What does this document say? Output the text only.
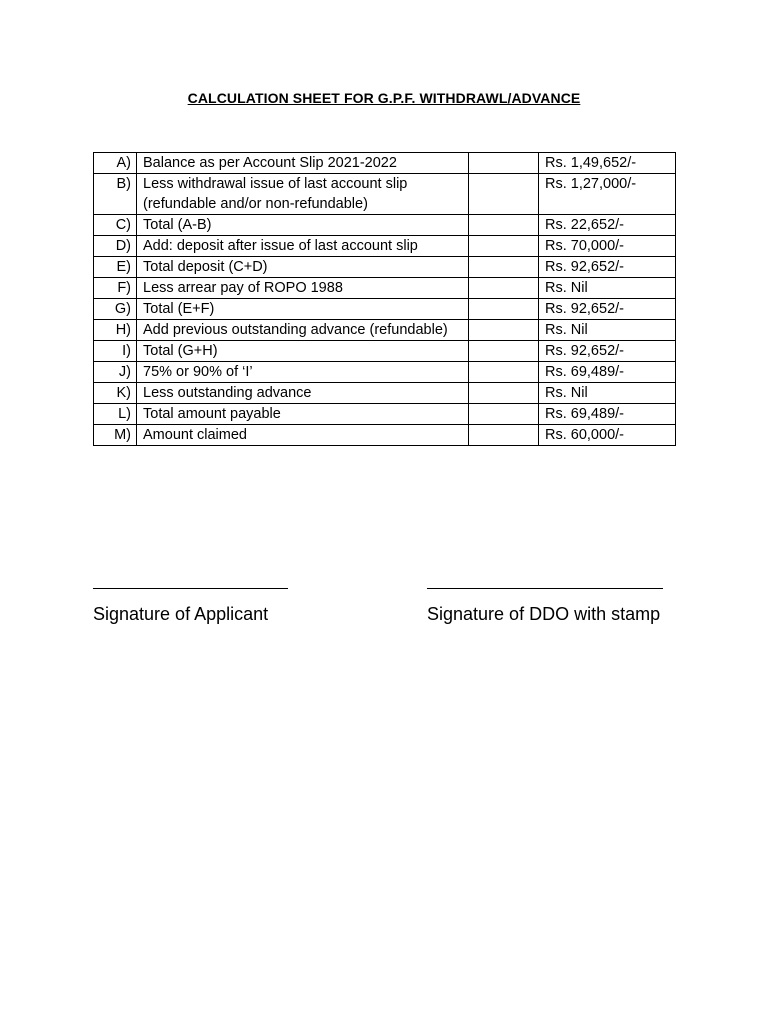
CALCULATION SHEET FOR G.P.F. WITHDRAWL/ADVANCE
A)	Balance as per Account Slip 2021-2022		Rs. 1,49,652/-
B)	Less withdrawal issue of last account slip (refundable and/or non-refundable)		Rs. 1,27,000/-
C)	Total (A-B)		Rs. 22,652/-
D)	Add: deposit after issue of last account slip		Rs. 70,000/-
E)	Total deposit (C+D)		Rs. 92,652/-
F)	Less arrear pay of ROPO 1988		Rs. Nil
G)	Total (E+F)		Rs. 92,652/-
H)	Add previous outstanding advance (refundable)		Rs. Nil
I)	Total (G+H)		Rs. 92,652/-
J)	75% or 90% of ‘I’		Rs. 69,489/-
K)	Less outstanding advance		Rs. Nil
L)	Total amount payable		Rs. 69,489/-
M)	Amount claimed		Rs. 60,000/-
Signature of Applicant	Signature of DDO with stamp
